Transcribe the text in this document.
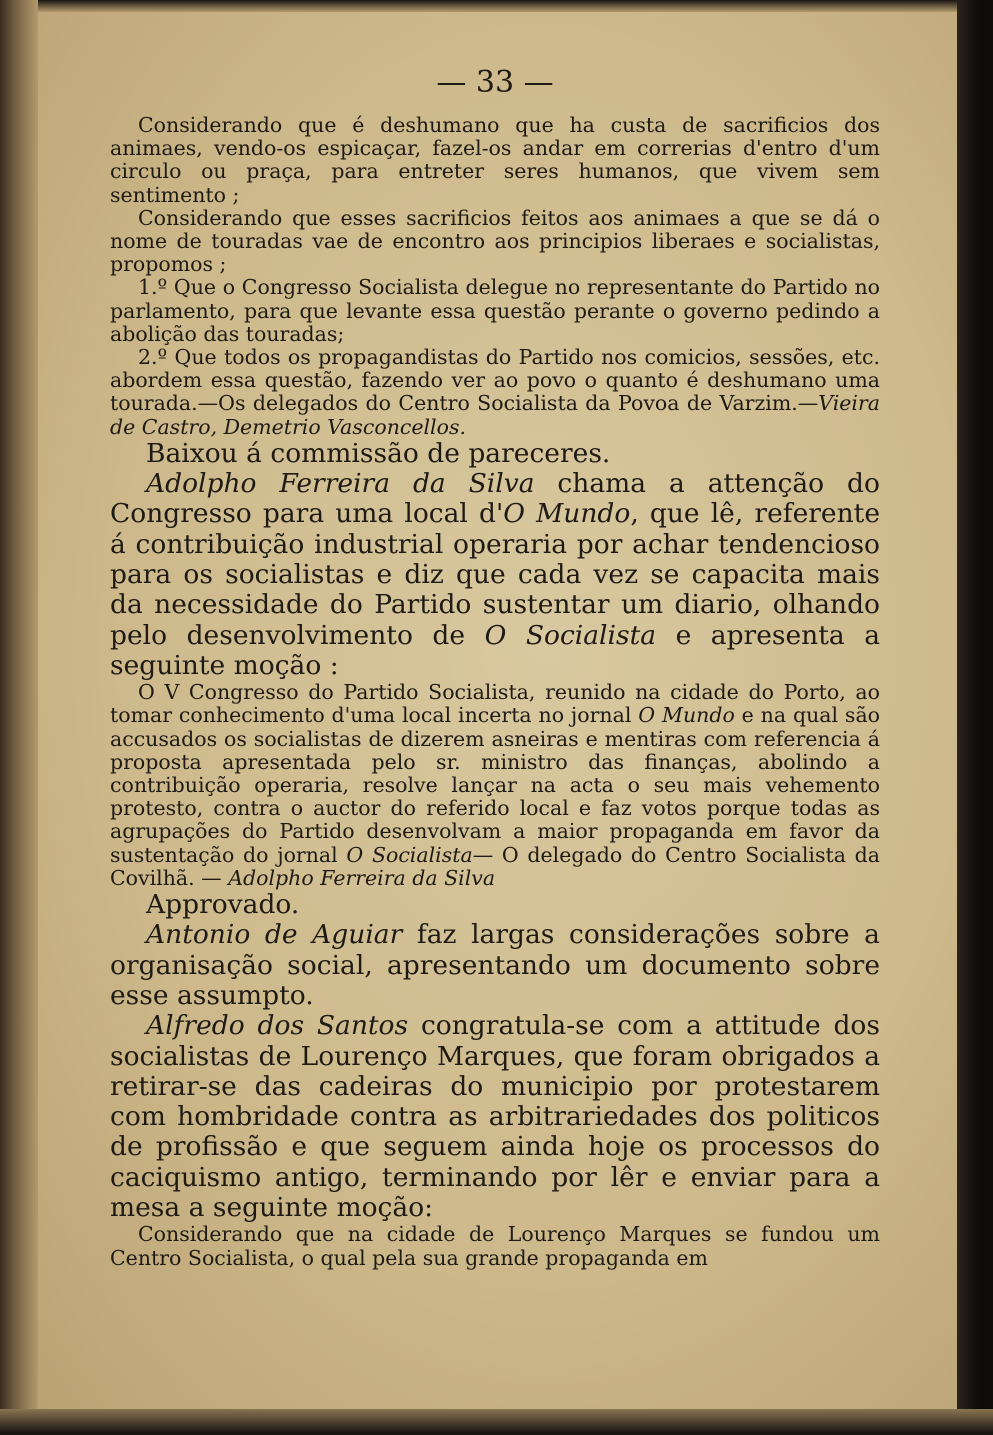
— 33 —

Considerando que é deshumano que ha custa de sacrificios dos animaes, vendo-os espicaçar, fazel-os andar em correrias d'entro d'um circulo ou praça, para entreter seres humanos, que vivem sem sentimento ;

Considerando que esses sacrificios feitos aos animaes a que se dá o nome de touradas vae de encontro aos principios liberaes e socialistas, propomos ;

1.º Que o Congresso Socialista delegue no representante do Partido no parlamento, para que levante essa questão perante o governo pedindo a abolição das touradas;

2.º Que todos os propagandistas do Partido nos comicios, sessões, etc. abordem essa questão, fazendo ver ao povo o quanto é deshumano uma tourada.—Os delegados do Centro Socialista da Povoa de Varzim.—Vieira de Castro, Demetrio Vasconcellos.

Baixou á commissão de pareceres.

Adolpho Ferreira da Silva chama a attenção do Congresso para uma local d'O Mundo, que lê, referente á contribuição industrial operaria por achar tendencioso para os socialistas e diz que cada vez se capacita mais da necessidade do Partido sustentar um diario, olhando pelo desenvolvimento de O Socialista e apresenta a seguinte moção :

O V Congresso do Partido Socialista, reunido na cidade do Porto, ao tomar conhecimento d'uma local incerta no jornal O Mundo e na qual são accusados os socialistas de dizerem asneiras e mentiras com referencia á proposta apresentada pelo sr. ministro das finanças, abolindo a contribuição operaria, resolve lançar na acta o seu mais vehemento protesto, contra o auctor do referido local e faz votos porque todas as agrupações do Partido desenvolvam a maior propaganda em favor da sustentação do jornal O Socialista— O delegado do Centro Socialista da Covilhã. — Adolpho Ferreira da Silva

Approvado.

Antonio de Aguiar faz largas considerações sobre a organisação social, apresentando um documento sobre esse assumpto.

Alfredo dos Santos congratula-se com a attitude dos socialistas de Lourenço Marques, que foram obrigados a retirar-se das cadeiras do municipio por protestarem com hombridade contra as arbitrariedades dos politicos de profissão e que seguem ainda hoje os processos do caciquismo antigo, terminando por lêr e enviar para a mesa a seguinte moção:

Considerando que na cidade de Lourenço Marques se fundou um Centro Socialista, o qual pela sua grande propaganda em
